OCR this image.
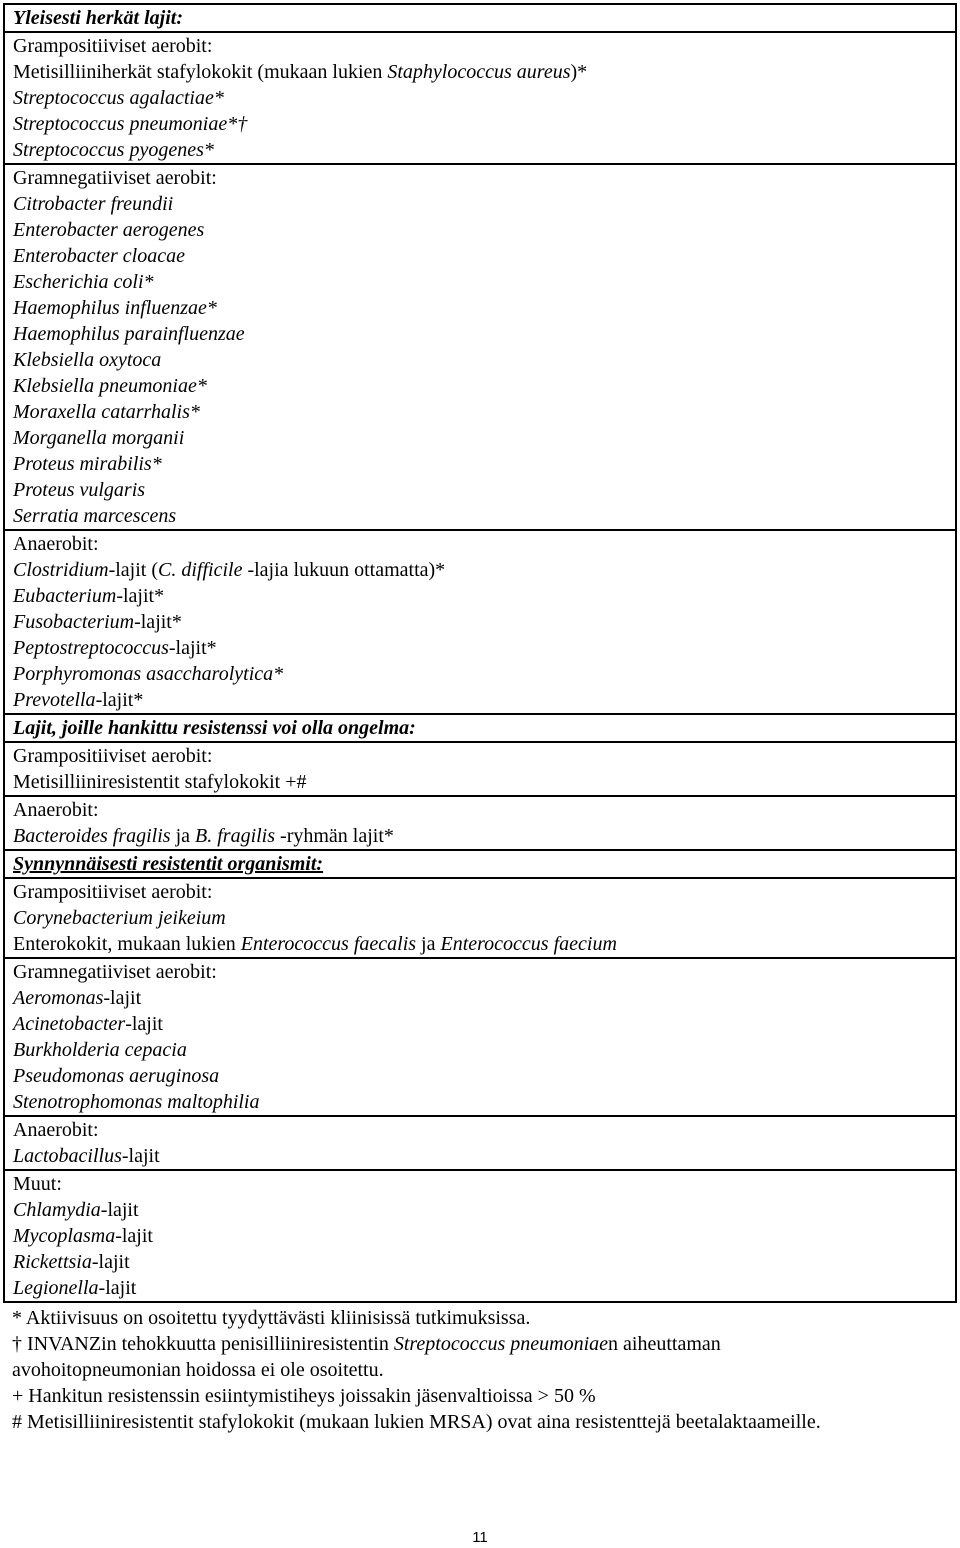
Yleisesti herkät lajit:

Grampositiiviset aerobit:
Metisilliiniherkät stafylokokit (mukaan lukien Staphylococcus aureus)*
Streptococcus agalactiae*
Streptococcus pneumoniae*†
Streptococcus pyogenes*

Gramnegatiiviset aerobit:
Citrobacter freundii
Enterobacter aerogenes
Enterobacter cloacae
Escherichia coli*
Haemophilus influenzae*
Haemophilus parainfluenzae
Klebsiella oxytoca
Klebsiella pneumoniae*
Moraxella catarrhalis*
Morganella morganii
Proteus mirabilis*
Proteus vulgaris
Serratia marcescens

Anaerobit:
Clostridium-lajit (C. difficile -lajia lukuun ottamatta)*
Eubacterium-lajit*
Fusobacterium-lajit*
Peptostreptococcus-lajit*
Porphyromonas asaccharolytica*
Prevotella-lajit*

Lajit, joille hankittu resistenssi voi olla ongelma:

Grampositiiviset aerobit:
Metisilliiniresistentit stafylokokit +#

Anaerobit:
Bacteroides fragilis ja B. fragilis -ryhmän lajit*

Synnynnäisesti resistentit organismit:

Grampositiiviset aerobit:
Corynebacterium jeikeium
Enterokokit, mukaan lukien Enterococcus faecalis ja Enterococcus faecium

Gramnegatiiviset aerobit:
Aeromonas-lajit
Acinetobacter-lajit
Burkholderia cepacia
Pseudomonas aeruginosa
Stenotrophomonas maltophilia

Anaerobit:
Lactobacillus-lajit

Muut:
Chlamydia-lajit
Mycoplasma-lajit
Rickettsia-lajit
Legionella-lajit
* Aktiivisuus on osoitettu tyydyttävästi kliinisissä tutkimuksissa.
† INVANZin tehokkuutta penisilliiniresistentin Streptococcus pneumoniaen aiheuttaman
avohoitopneumonian hoidossa ei ole osoitettu.
+ Hankitun resistenssin esiintymistiheys joissakin jäsenvaltioissa > 50 %
# Metisilliiniresistentit stafylokokit (mukaan lukien MRSA) ovat aina resistenttejä beetalaktaameille.
11
